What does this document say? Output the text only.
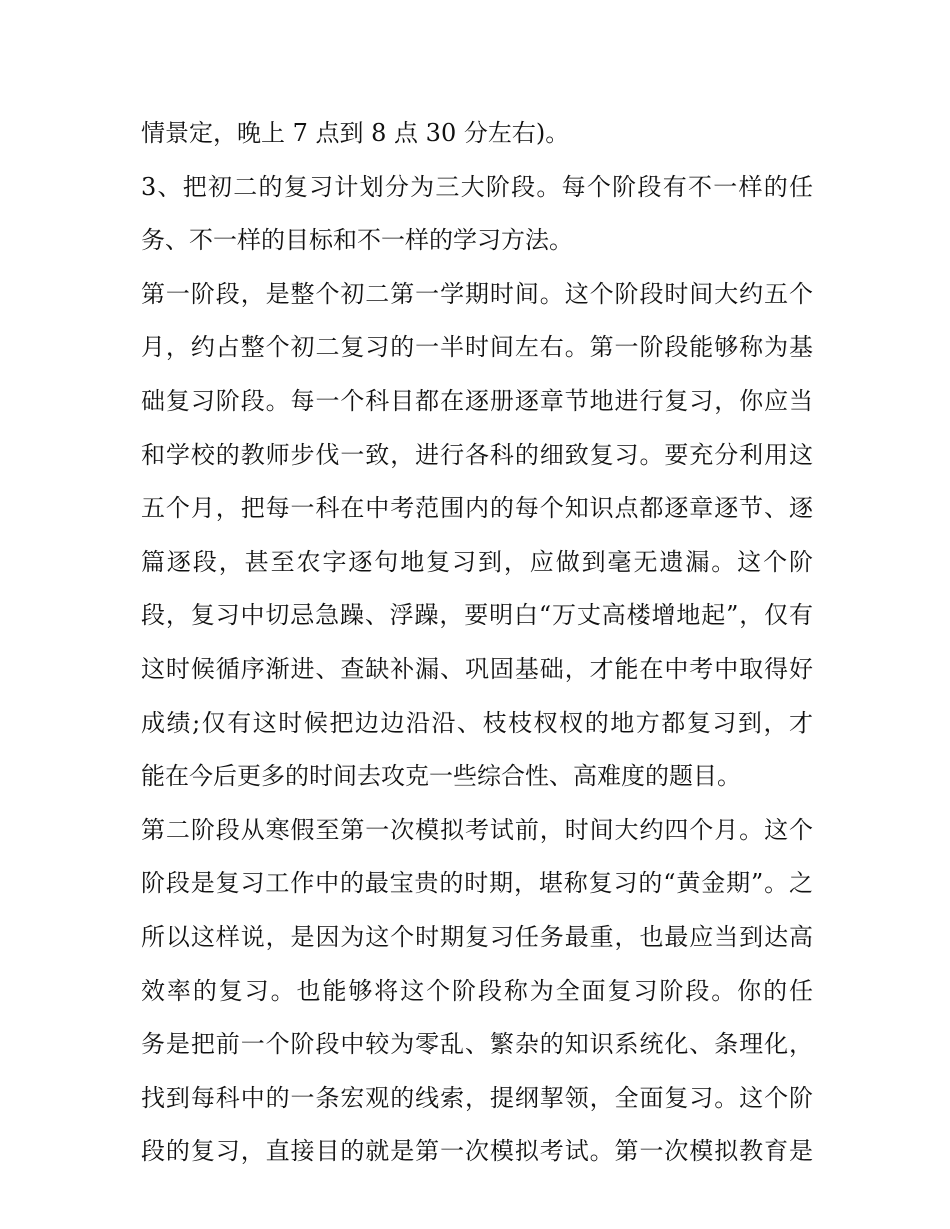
情景定，晚上 7 点到 8 点 30 分左右)。
3、把初二的复习计划分为三大阶段。每个阶段有不一样的任
务、不一样的目标和不一样的学习方法。
第一阶段，是整个初二第一学期时间。这个阶段时间大约五个
月，约占整个初二复习的一半时间左右。第一阶段能够称为基
础复习阶段。每一个科目都在逐册逐章节地进行复习，你应当
和学校的教师步伐一致，进行各科的细致复习。要充分利用这
五个月，把每一科在中考范围内的每个知识点都逐章逐节、逐
篇逐段，甚至农字逐句地复习到，应做到毫无遗漏。这个阶
段，复习中切忌急躁、浮躁，要明白“万丈高楼增地起”，仅有
这时候循序渐进、查缺补漏、巩固基础，才能在中考中取得好
成绩;仅有这时候把边边沿沿、枝枝杈杈的地方都复习到，才
能在今后更多的时间去攻克一些综合性、高难度的题目。
第二阶段从寒假至第一次模拟考试前，时间大约四个月。这个
阶段是复习工作中的最宝贵的时期，堪称复习的“黄金期”。之
所以这样说，是因为这个时期复习任务最重，也最应当到达高
效率的复习。也能够将这个阶段称为全面复习阶段。你的任
务是把前一个阶段中较为零乱、繁杂的知识系统化、条理化，
找到每科中的一条宏观的线索，提纲挈领，全面复习。这个阶
段的复习，直接目的就是第一次模拟考试。第一次模拟教育是
